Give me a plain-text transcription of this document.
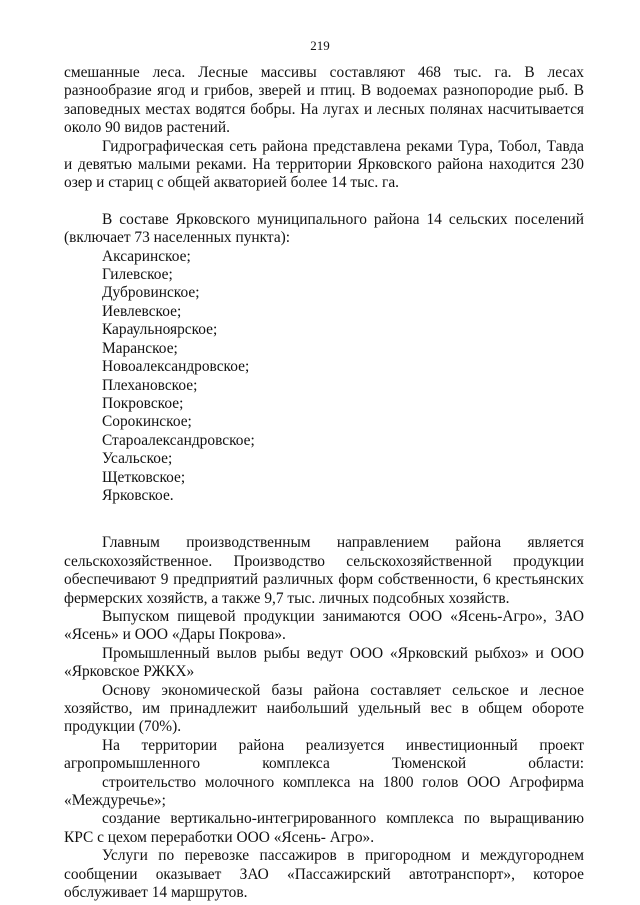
219

смешанные леса. Лесные массивы составляют 468 тыс. га. В лесах разнообразие ягод и грибов, зверей и птиц. В водоемах разнопородие рыб. В заповедных местах водятся бобры. На лугах и лесных полянах насчитывается около 90 видов растений.

Гидрографическая сеть района представлена реками Тура, Тобол, Тавда и девятью малыми реками. На территории Ярковского района находится 230 озер и стариц с общей акваторией более 14 тыс. га.

В составе Ярковского муниципального района 14 сельских поселений (включает 73 населенных пункта):

Аксаринское;
Гилевское;
Дубровинское;
Иевлевское;
Караульноярское;
Маранское;
Новоалександровское;
Плехановское;
Покровское;
Сорокинское;
Староалександровское;
Усальское;
Щетковское;
Ярковское.

Главным производственным направлением района является сельскохозяйственное. Производство сельскохозяйственной продукции обеспечивают 9 предприятий различных форм собственности, 6 крестьянских фермерских хозяйств, а также 9,7 тыс. личных подсобных хозяйств.

Выпуском пищевой продукции занимаются ООО «Ясень-Агро», ЗАО «Ясень» и ООО «Дары Покрова».

Промышленный вылов рыбы ведут ООО «Ярковский рыбхоз» и ООО «Ярковское РЖКХ»

Основу экономической базы района составляет сельское и лесное хозяйство, им принадлежит наибольший удельный вес в общем обороте продукции (70%).

На территории района реализуется инвестиционный проект агропромышленного комплекса Тюменской области:

строительство молочного комплекса на 1800 голов ООО Агрофирма «Междуречье»;

создание вертикально-интегрированного комплекса по выращиванию КРС с цехом переработки ООО «Ясень- Агро».

Услуги по перевозке пассажиров в пригородном и междугороднем сообщении оказывает ЗАО «Пассажирский автотранспорт», которое обслуживает 14 маршрутов.
